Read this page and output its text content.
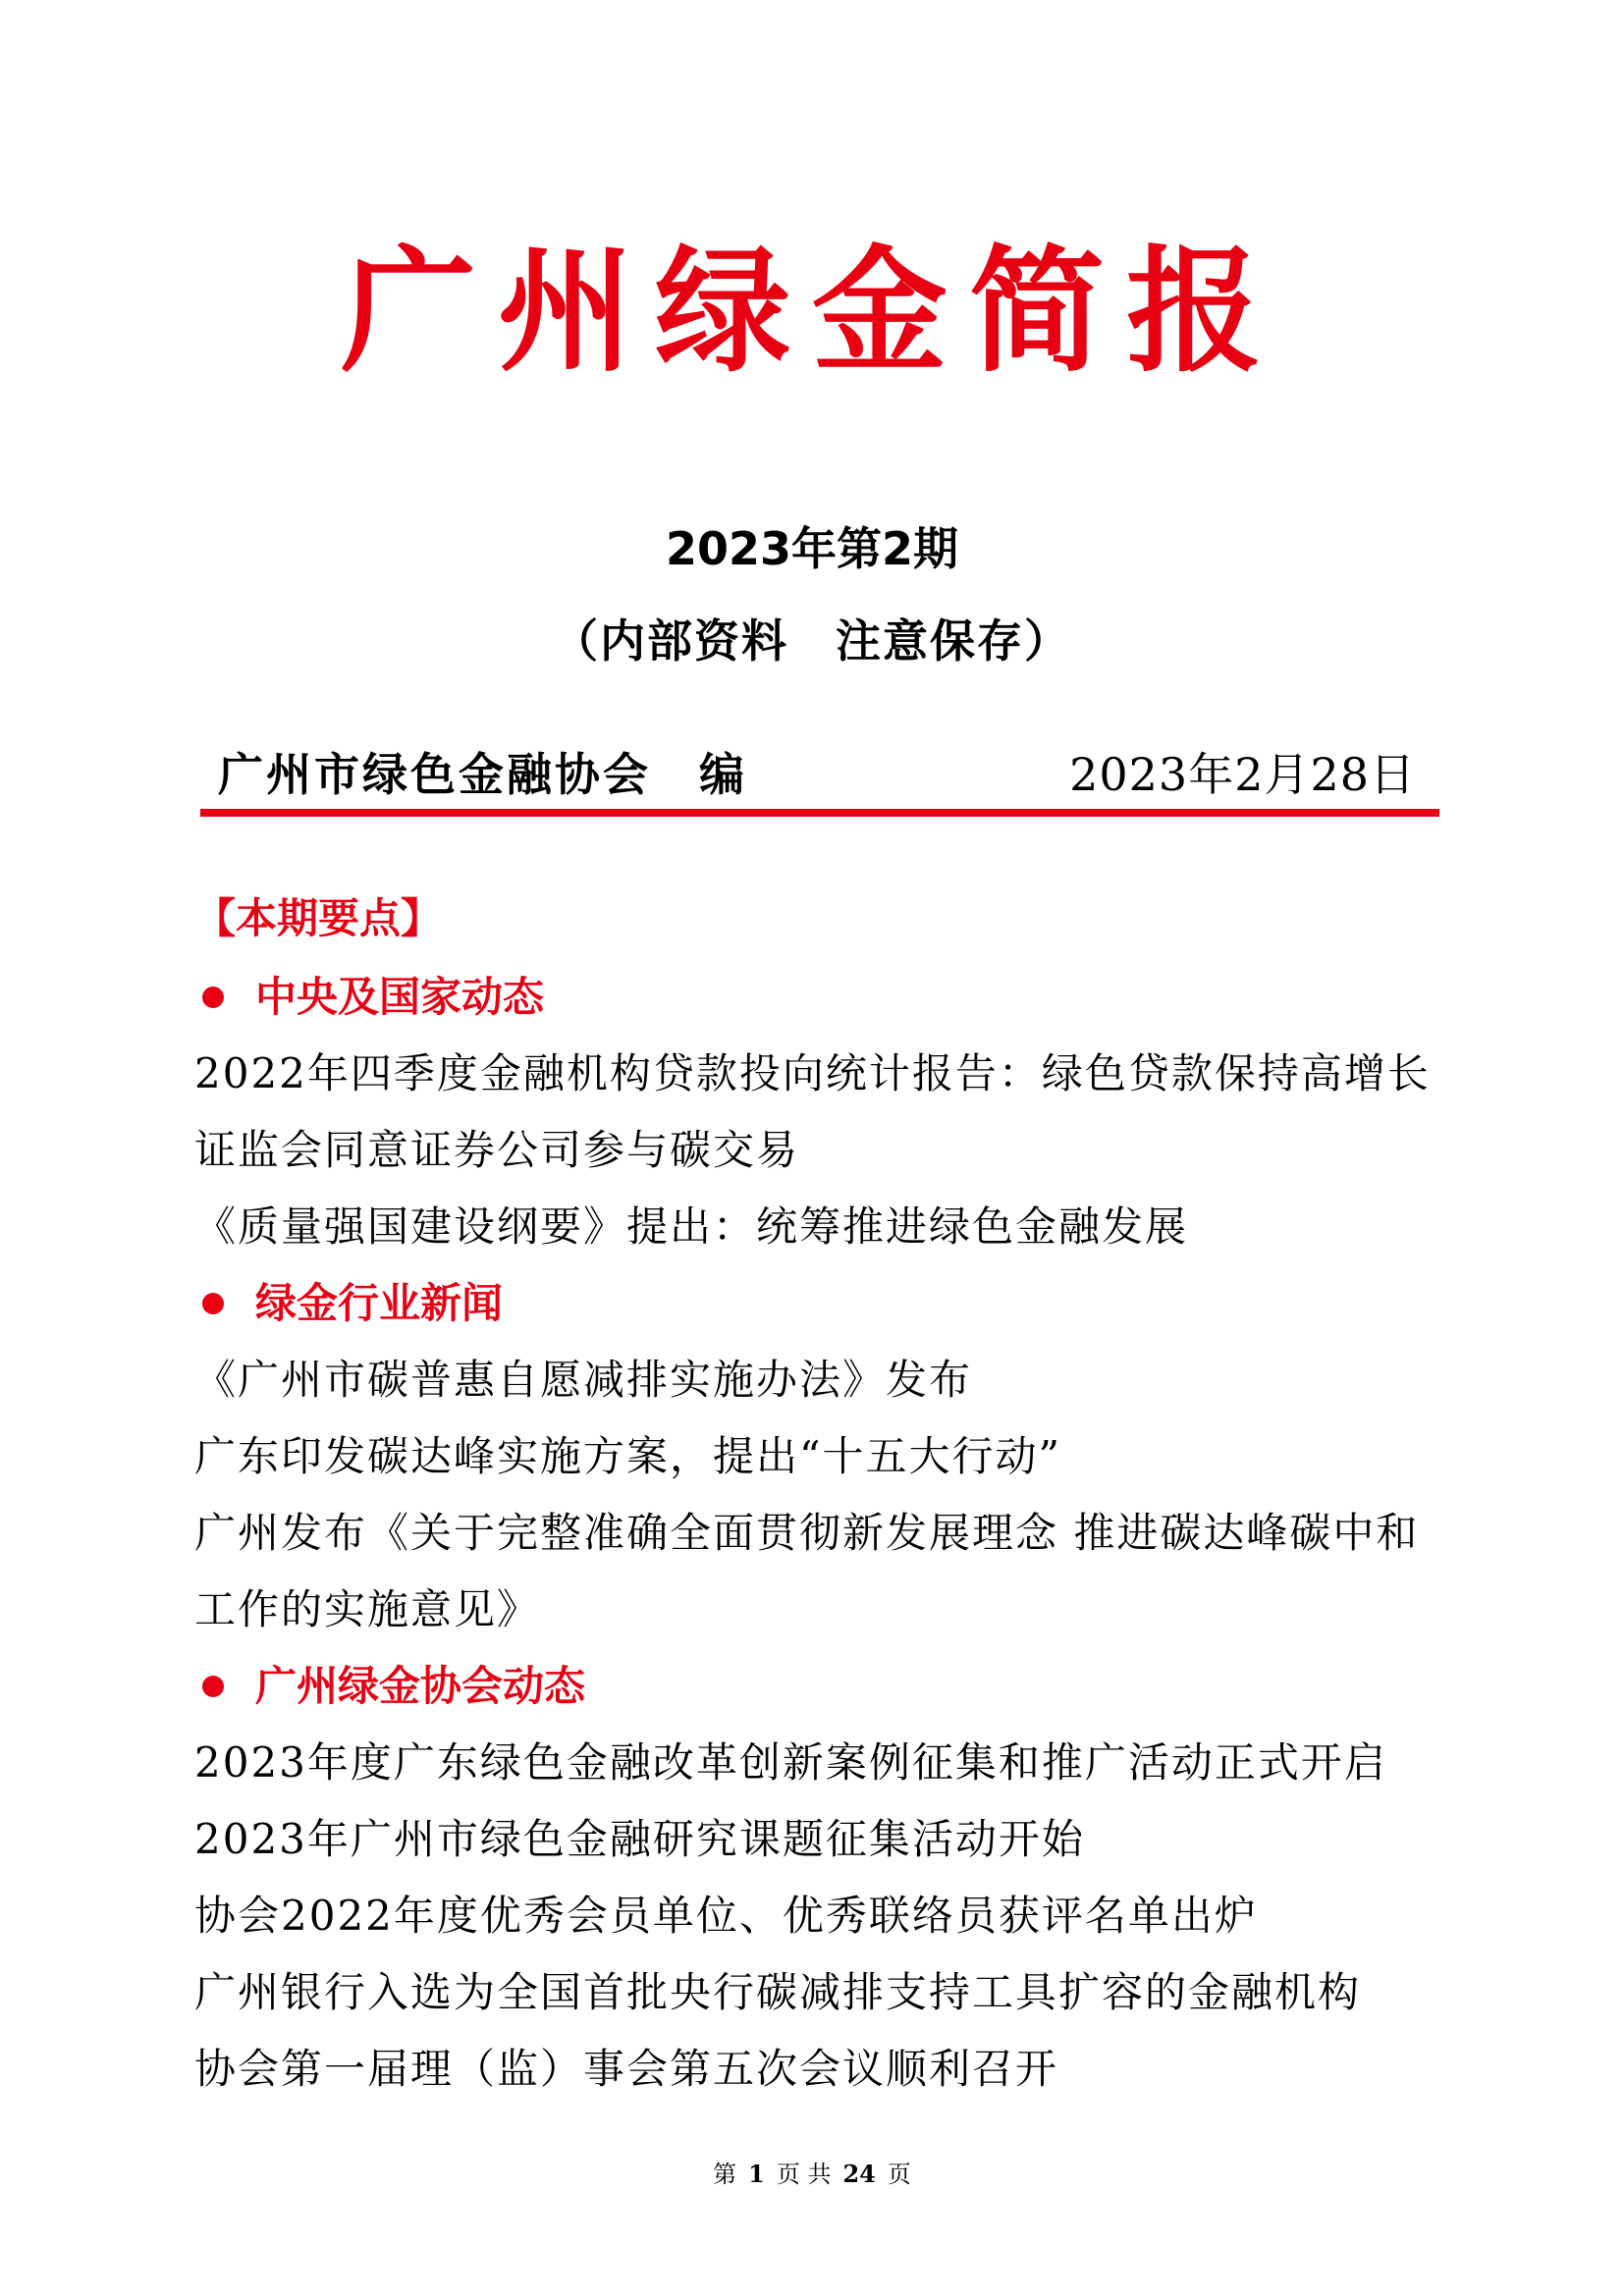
广州绿金简报
2023年第2期
（内部资料　注意保存）
广州市绿色金融协会　编	2023年2月28日
【本期要点】
中央及国家动态
2022年四季度金融机构贷款投向统计报告：绿色贷款保持高增长
证监会同意证券公司参与碳交易
《质量强国建设纲要》提出：统筹推进绿色金融发展
绿金行业新闻
《广州市碳普惠自愿减排实施办法》发布
广东印发碳达峰实施方案，提出“十五大行动”
广州发布《关于完整准确全面贯彻新发展理念 推进碳达峰碳中和
工作的实施意见》
广州绿金协会动态
2023年度广东绿色金融改革创新案例征集和推广活动正式开启
2023年广州市绿色金融研究课题征集活动开始
协会2022年度优秀会员单位、优秀联络员获评名单出炉
广州银行入选为全国首批央行碳减排支持工具扩容的金融机构
协会第一届理（监）事会第五次会议顺利召开
第 1 页 共 24 页
